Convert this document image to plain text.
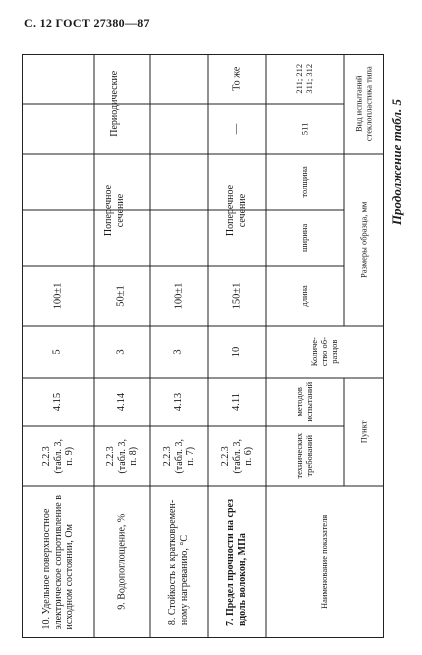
С. 12 ГОСТ 27380—87
Продолжение табл. 5
Наименование показателя
Пункт
технических требований
методов испытаний
Количе- ство об- разцов
Размеры образца, мм
длина
ширина
толщина
Вид испытаний стеклопластика типа
211; 212 311; 312
511
7. Предел прочности на срез вдоль волокон, МПа
2.2.3 (табл. 3, п. 6)
4.11
10
150±1
8. Стойкость к кратковремен- ному нагреванию, °С
2.2.3 (табл. 3, п. 7)
4.13
3
100±1
9. Водопоглощение, %
2.2.3 (табл. 3, п. 8)
4.14
3
50±1
10. Удельное поверхностное электрическое сопротивление в исходном состоянии, Ом
2.2.3 (табл. 3, п. 9)
4.15
5
100±1
Поперечное сечение
Поперечное сечение
То же
—
Периодические
